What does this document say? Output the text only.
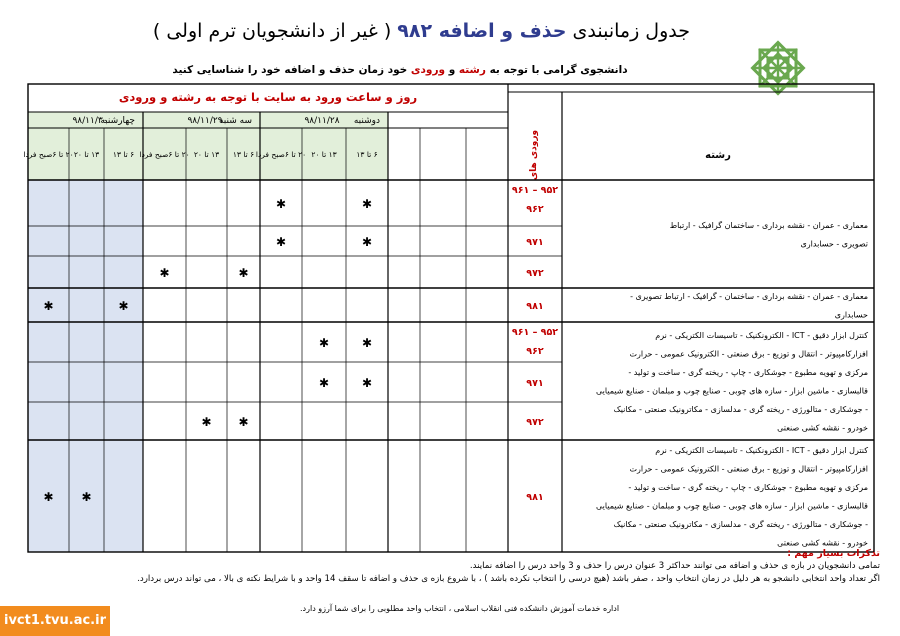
جدول زمانبندی حذف و اضافه ۹۸۲ ( غیر از دانشجویان ترم اولی )
دانشجوی گرامی با توجه به رشته و ورودی خود زمان حذف و اضافه خود را شناسایی کنید
روز و ساعت ورود به سایت با توجه به رشته و ورودی
دوشنبه
۹۸/۱۱/۲۸
۶ تا ۱۳
۱۳ تا ۲۰
۲۰ تا ۶صبح فردا
سه شنبه
۹۸/۱۱/۲۹
۶ تا ۱۳
۱۳ تا ۲۰
۲۰ تا ۶صبح فردا
چهارشنبه
۹۸/۱۱/۳۰
۶ تا ۱۳
۱۳ تا ۲۰
۲۰ تا ۶صبح فردا	ورودی های	رشته
۹۶۱ – ۹۵۲
۹۶۲
✱
✱
۹۷۱
✱
✱
۹۷۲
✱
✱
۹۸۱
✱
✱
۹۶۱ – ۹۵۲
۹۶۲
✱
✱
۹۷۱
✱
✱
۹۷۲
✱
✱
۹۸۱
✱
✱
معماری - عمران - نقشه برداری - ساختمان گرافیک - ارتباط
تصویری - حسابداری
معماری - عمران - نقشه برداری - ساختمان - گرافیک - ارتباط تصویری -
حسابداری
کنترل ابزار دقیق - ICT - الکترونکنیک - تاسیسات الکتریکی - نرم
افزارکامپیوتر - انتقال و توزیع - برق صنعتی - الکترونیک عمومی - حرارت
مرکزی و تهویه مطبوع - جوشکاری - چاپ - ریخته گری - ساخت و تولید -
قالبسازی - ماشین ابزار - سازه های چوبی - صنایع چوب و مبلمان - صنایع شیمیایی
- جوشکاری - متالورژی - ریخته گری - مدلسازی - مکاترونیک صنعتی - مکانیک
خودرو - نقشه کشی صنعتی
کنترل ابزار دقیق - ICT - الکترونکنیک - تاسیسات الکتریکی - نرم
افزارکامپیوتر - انتقال و توزیع - برق صنعتی - الکترونیک عمومی - حرارت
مرکزی و تهویه مطبوع - جوشکاری - چاپ - ریخته گری - ساخت و تولید -
قالبسازی - ماشین ابزار - سازه های چوبی - صنایع چوب و مبلمان - صنایع شیمیایی
- جوشکاری - متالورژی - ریخته گری - مدلسازی - مکاترونیک صنعتی - مکانیک
خودرو - نقشه کشی صنعتی
تذکرات بسیار مهم :
تمامی دانشجویان در بازه ی حذف و اضافه می توانند حداکثر 3 عنوان درس را حذف و 3 واحد درس را اضافه نمایند.
اگر تعداد واحد انتخابی دانشجو به هر دلیل در زمان انتخاب واحد ، صفر باشد (هیچ درسی را انتخاب نکرده باشد ) ، با شروع بازه ی حذف و اضافه تا سقف 14 واحد و با شرایط نکته ی بالا ، می تواند درس بردارد.
اداره خدمات آموزش دانشکده فنی انقلاب اسلامی ، انتخاب واحد مطلوبی را برای شما آرزو دارد.
ivct1.tvu.ac.ir
